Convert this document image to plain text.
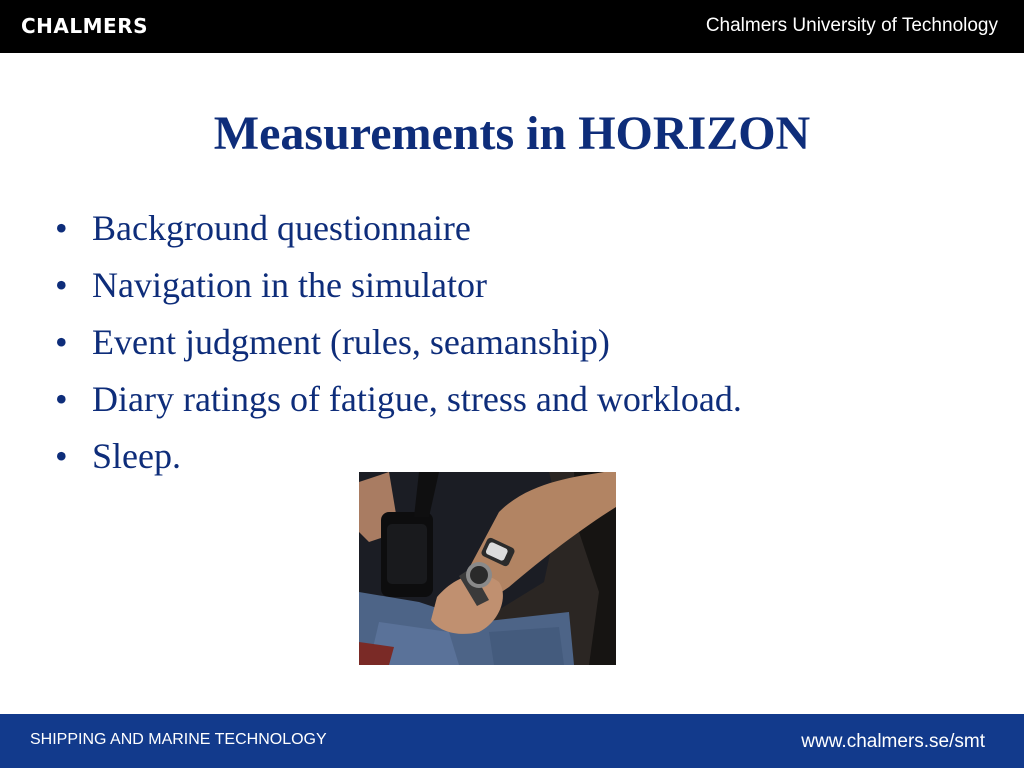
CHALMERS	Chalmers University of Technology
Measurements in HORIZON
• Background questionnaire
• Navigation in the simulator
• Event judgment (rules, seamanship)
• Diary ratings of fatigue, stress and workload.
• Sleep.
SHIPPING AND MARINE TECHNOLOGY	www.chalmers.se/smt
